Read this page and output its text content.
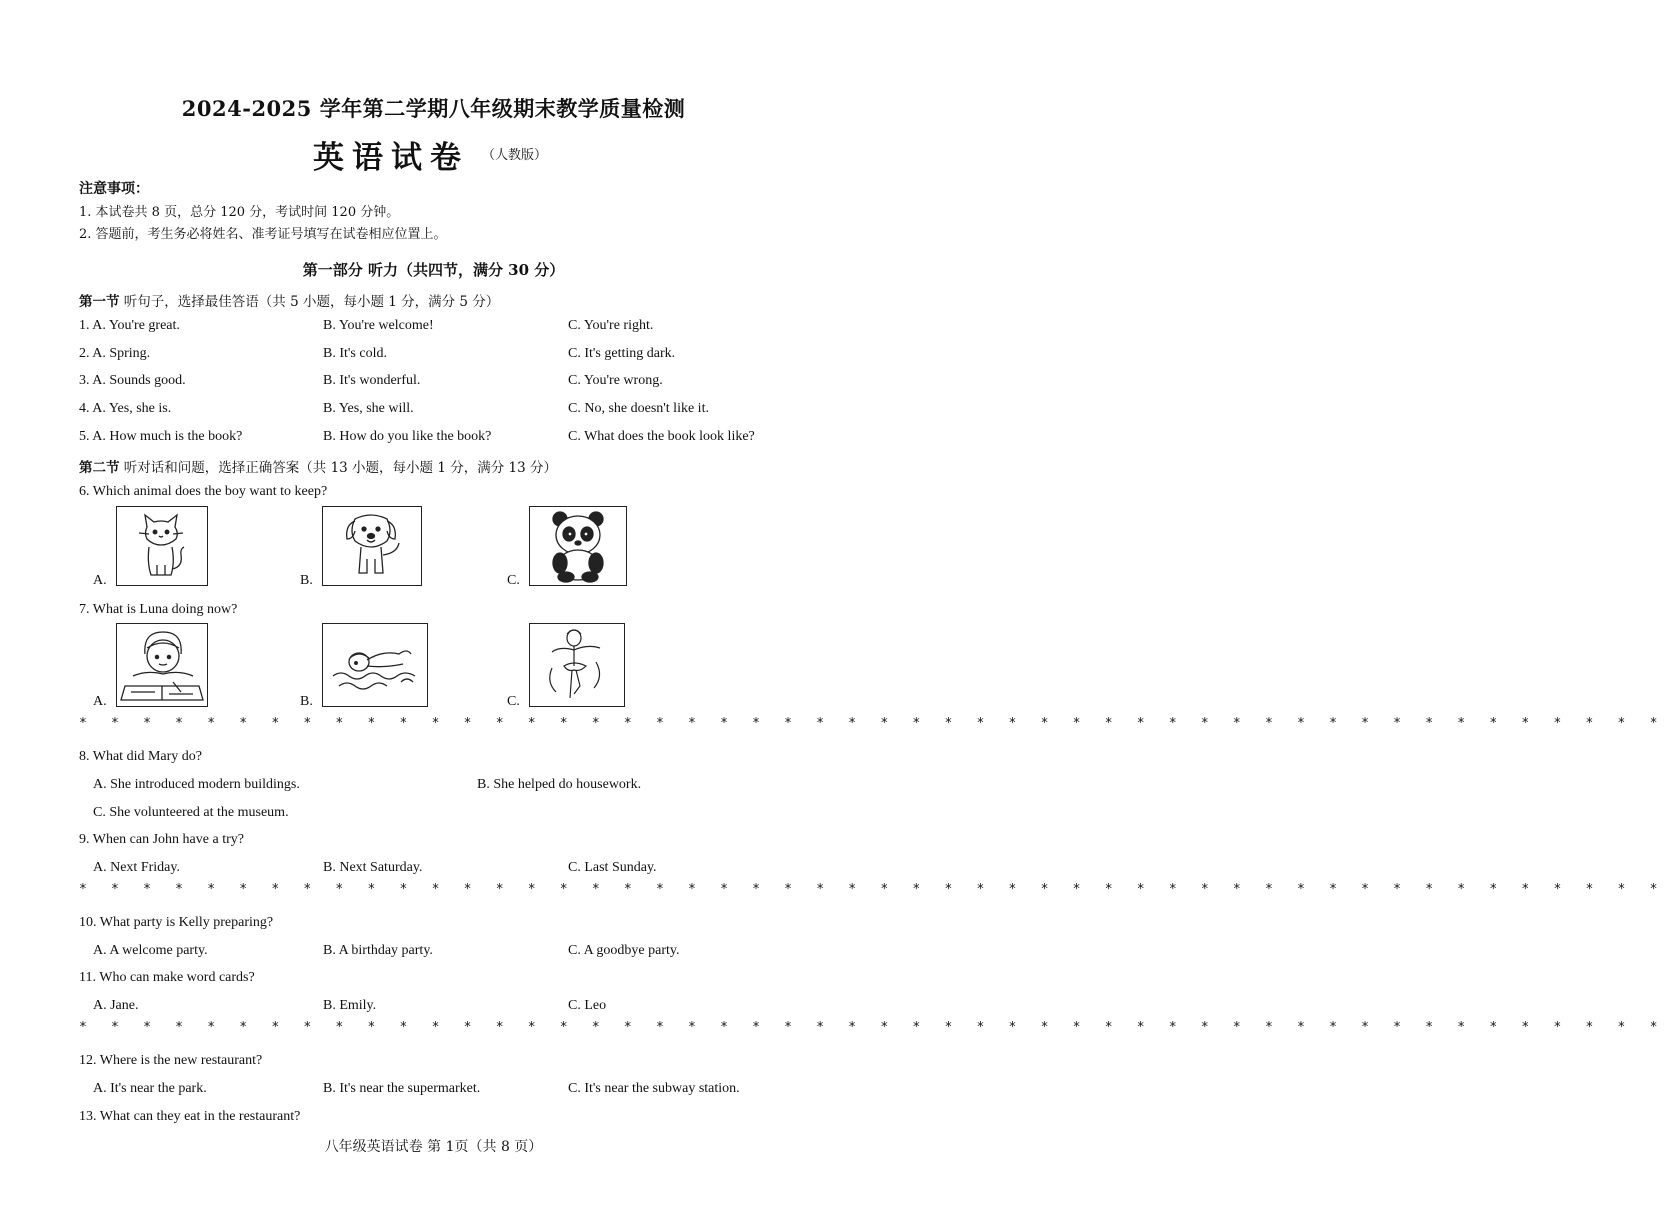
2024-2025 学年第二学期八年级期末教学质量检测
英语试卷 （人教版）
注意事项：
1. 本试卷共 8 页，总分 120 分，考试时间 120 分钟。
2. 答题前，考生务必将姓名、准考证号填写在试卷相应位置上。
第一部分 听力（共四节，满分 30 分）
第一节 听句子，选择最佳答语（共 5 小题，每小题 1 分，满分 5 分）
1. A. You're great.	B. You're welcome!	C. You're right.
2. A. Spring.	B. It's cold.	C. It's getting dark.
3. A. Sounds good.	B. It's wonderful.	C. You're wrong.
4. A. Yes, she is.	B. Yes, she will.	C. No, she doesn't like it.
5. A. How much is the book?	B. How do you like the book?	C. What does the book look like?
第二节 听对话和问题，选择正确答案（共 13 小题，每小题 1 分，满分 13 分）
6. Which animal does the boy want to keep?
A.	B.	C.
7. What is Luna doing now?
A.	B.	C.
* * * * * * * * * * * * * * * * * * * * * * * * * * * * * * * * * * * * * * * * * * * * * * * * * *
8. What did Mary do?
A. She introduced modern buildings.	B. She helped do housework.
C. She volunteered at the museum.
9. When can John have a try?
A. Next Friday.	B. Next Saturday.	C. Last Sunday.
* * * * * * * * * * * * * * * * * * * * * * * * * * * * * * * * * * * * * * * * * * * * * * * * * *
10. What party is Kelly preparing?
A. A welcome party.	B. A birthday party.	C. A goodbye party.
11. Who can make word cards?
A. Jane.	B. Emily.	C. Leo
* * * * * * * * * * * * * * * * * * * * * * * * * * * * * * * * * * * * * * * * * * * * * * * * * *
12. Where is the new restaurant?
A. It's near the park.	B. It's near the supermarket.	C. It's near the subway station.
13. What can they eat in the restaurant?
八年级英语试卷 第 1页（共 8 页）
